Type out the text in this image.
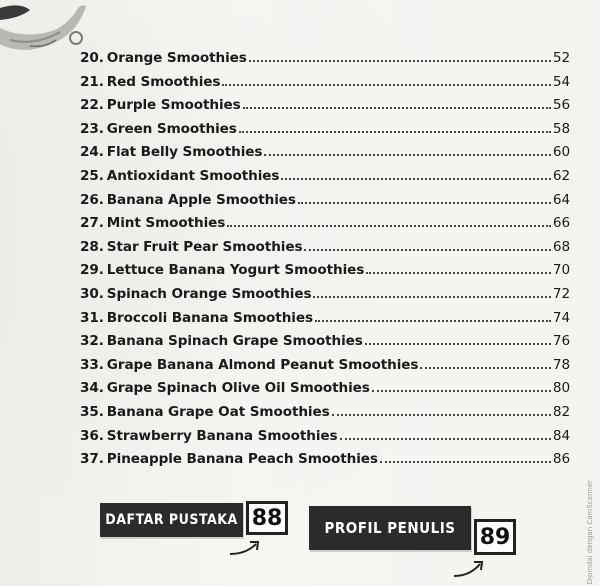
20. Orange Smoothies	52
21. Red Smoothies	54
22. Purple Smoothies	56
23. Green Smoothies	58
24. Flat Belly Smoothies	60
25. Antioxidant Smoothies	62
26. Banana Apple Smoothies	64
27. Mint Smoothies	66
28. Star Fruit Pear Smoothies	68
29. Lettuce Banana Yogurt Smoothies	70
30. Spinach Orange Smoothies	72
31. Broccoli Banana Smoothies	74
32. Banana Spinach Grape Smoothies	76
33. Grape Banana Almond Peanut Smoothies	78
34. Grape Spinach Olive Oil Smoothies	80
35. Banana Grape Oat Smoothies	82
36. Strawberry Banana Smoothies	84
37. Pineapple Banana Peach Smoothies	86
DAFTAR PUSTAKA 88	PROFIL PENULIS 89	Dipindai dengan CamScanner
